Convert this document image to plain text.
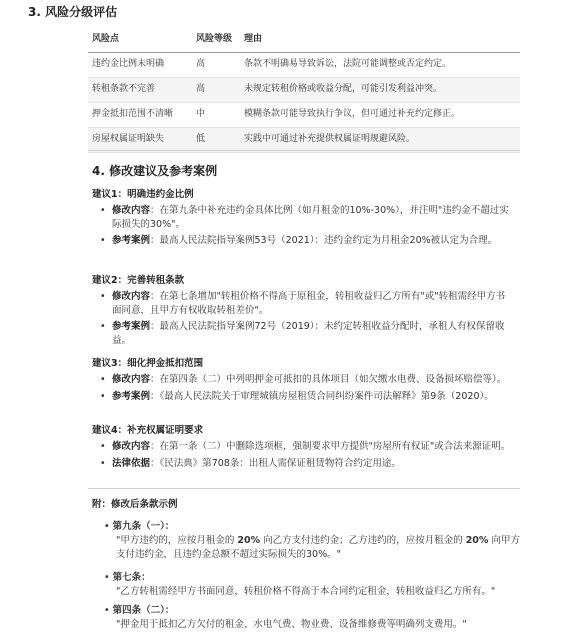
3. 风险分级评估
风险点	风险等级	理由
违约金比例未明确	高	条款不明确易导致诉讼，法院可能调整或否定约定。
转租条款不完善	高	未规定转租价格或收益分配，可能引发利益冲突。
押金抵扣范围不清晰	中	模糊条款可能导致执行争议，但可通过补充约定修正。
房屋权属证明缺失	低	实践中可通过补充提供权属证明规避风险。
4. 修改建议及参考案例
建议1：明确违约金比例
• 修改内容：在第九条中补充违约金具体比例（如月租金的10%-30%），并注明"违约金不超过实际损失的30%"。
• 参考案例：最高人民法院指导案例53号（2021）：违约金约定为月租金20%被认定为合理。
建议2：完善转租条款
• 修改内容：在第七条增加"转租价格不得高于原租金，转租收益归乙方所有"或"转租需经甲方书面同意，且甲方有权收取转租差价"。
• 参考案例：最高人民法院指导案例72号（2019）：未约定转租收益分配时，承租人有权保留收益。
建议3：细化押金抵扣范围
• 修改内容：在第四条（二）中列明押金可抵扣的具体项目（如欠缴水电费、设备损坏赔偿等）。
• 参考案例：《最高人民法院关于审理城镇房屋租赁合同纠纷案件司法解释》第9条（2020）。
建议4：补充权属证明要求
• 修改内容：在第一条（二）中删除选项框，强制要求甲方提供"房屋所有权证"或合法来源证明。
• 法律依据：《民法典》第708条：出租人需保证租赁物符合约定用途。
附：修改后条款示例
• 第九条（一）：
"甲方违约的，应按月租金的 20% 向乙方支付违约金；乙方违约的，应按月租金的 20% 向甲方支付违约金，且违约金总额不超过实际损失的30%。"
• 第七条：
"乙方转租需经甲方书面同意，转租价格不得高于本合同约定租金，转租收益归乙方所有。"
• 第四条（二）：
"押金用于抵扣乙方欠付的租金、水电气费、物业费、设备维修费等明确列支费用。"
